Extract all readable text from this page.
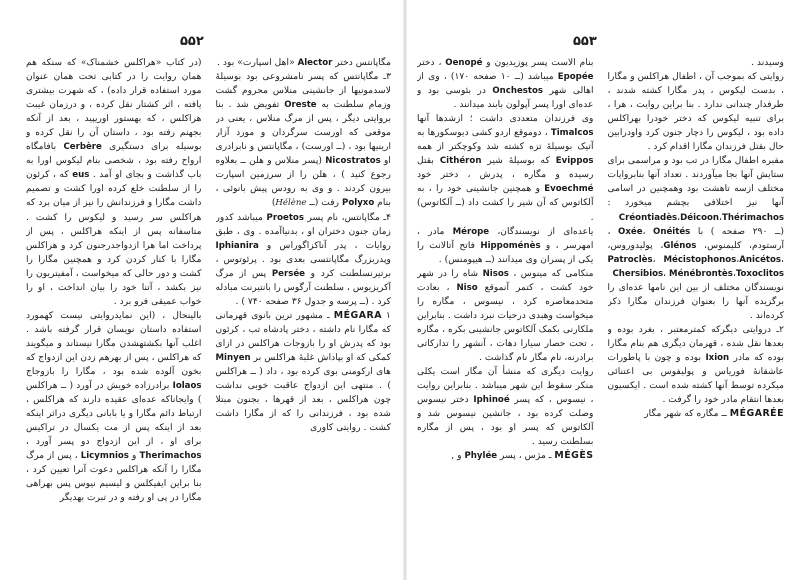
۵۵۲

مگاپانتس دختر Alector «اهل اسپارت» بود .
۳ـ مگاپانتس که پسر نامشروعی بود بوسیلهٔ لاسدمونیها از جانشینی منلاس محروم گشت وزمام سلطنت به Oreste تفویض شد . بنا بروایتی دیگر ، پس از مرگ منلاس ، یعنی در موقعی که اورست سرگردان و مورد آزار ارینیها بود ، (ــ اورست) ، مگاپانتس و نابرادری او Nicostratos (پسر منلاس و هلن ــ بعلاوه رجوع کنید ) ، هلن را از سرزمین اسپارت بیرون کردند . و وی به رودس پیش بانوئی ، بنام Polyxo رفت (ــ Hélène)
۴ـ مگاپانتس، نام پسر Proetos میباشد کدور زمان جنون دختران او ، بدنیاآمده . وی ، طبق روایات ، پدر آناکزاگوراس و Iphianira وپدربزرگ مگاپانتسی بعدی بود . پرئوتوس ، برتیرنسلطنت کرد و Persée پس از مرگ آکریزیوس ، سلطنت آرگوس را بانتیرنت مبادله کرد . (ــ پرسه و جدول ۳۶ صفحه ۷۴۰ ) .
MÉGARA ۱ ـ مشهور ترین بانوی قهرمانی که مگارا نام داشته ، دختر پادشاه تب ، کرئون بود که پدرش او را بازوجات هراکلس در ازای کمکی که او بپاداش غلبهٔ هراکلس بر Minyen های ارکومنی بوی کرده بود ، داد ( ــ هراکلس ) . منتهی این ازدواج عاقبت خوبی نداشت چون هراکلس ، بعد از قهرها ، بجنون مبتلا شده بود ، فرزندانی را که از مگارا داشت کشت . روایتی کاوری

(در کتاب «هراکلس خشمناک» که سنکه هم همان روایت را در کتابی تحت همان عنوان مورد استفاده قرار داده) ، که شهرت بیشتری یافته ، اثر کشتار نقل کرده ، و درزمان غیبت هراکلس ، که بهستور اوریپید ، بعد از آنکه بجهنم رفته بود ، داستان آن را نقل کرده و بوسیله برای دستگیری Cerbère بافامگاه ارواح رفته بود ، شخصی بنام لیکوس اورا به باب گذاشت و بجای او آمد . eus که ، کرئون را از سلطنت خلع کرده اورا کشت و تصمیم داشت مگارا و فرزندانش را نیز از میان برد که هراکلس سر رسید و لیکوس را کشت . متاسفانه پس از اینکه هراکلس ، پس از پرداخت اما هرا ازدواجدرجنون کرد و هراکلس مگارا با کنار کردن کرد و همچنین مگارا را کشت و دور حالی که میخواست ، آمفیتریون را نیز بکشد ، آتنا خود را بیان انداخت ، او را خواب عمیقی فرو برد .
بالینحال ، (این نمایدروایتی نیست کهمورد استفاده داستان نویسان قرار گرفته باشد . اغلب آنها بکشتهشدن مگارا نیستاند و میگویند که هراکلس ، پس از بهرهم زدن این ازدواج که بخون آلوده شده بود ، مگارا را بازوجاج Iolaos برادرزاده خویش در آورد ( ــ هراکلس ) وایجاناکه عده‌ای عقیده دارند که هراکلس ، ارتباط دائم مگارا و یا بابانی دیگری دراثر اینکه بعد از اینکه پس از مت یکسال در تراکیس برای او ، از این ازدواج دو پسر آورد ، Therimachos و Licymnios ، پس از مرگ مگارا را آنکه هراکلس دعوت آنرا تعیین کرد ، بنا براین ایفیکلس و لیسیم نیوس پس بهراهی مگارا در پی او رفته و در تبرت بهدیگر

۵۵۳

وسیدند .
روایتی که بموجب آن ، اطفال هراکلس و مگارا ، بدست لیکوس ، پدر مگارا کشته شدند ، طرفدار چندانی ندارد . بنا براین روایت ، هرا ، برای تنبیه لیکوس که دختر خودرا بهراکلس داده بود ، لیکوس را دچار جنون کرد واودرابین حال بقتل فرزندان مگارا اقدام کرد .
مقبره اطفال مگارا در تب بود و مراسمی برای ستایش آنها بجا میآوردند . تعداد آنها بنابروایات مختلف ازسه تاهشت بود وهمچنین در اسامی آنها نیز اختلافی بچشم میخورد : Créontiadès،Déicoon،Thérimachos (ــ ۲۹۰ صفحه ) با Oxée، Onéités ، آرستودم، کلیمنوس، Glénos، پولیدوروس، Patroclès، Mécistophonos،Anicétos، Chersibios، Ménébrontès،Toxoclitos
نویسندگان مختلف از بین این نامها عده‌ای را برگزیده آنها را بعنوان فرزندان مگارا ذکر کرده‌اند .
۲ـ دروایتی دیگرکه کمترمعتبر ، بغرد بوده و بعدها نقل شده ، قهرمان دیگری هم بنام مگارا بوده که مادر Ixion بوده و چون با پاطورات عاشقانهٔ فوریاس و پولیفوس بی اعتنائی میکرده توسط آنها کشته شده است . ایکسیون بعدها انتقام مادر خود را گرفت .
MÉGARÉE ــ مگاره که شهر مگار

بنام الاست پسر پوزیدیون و Oenopé ، دختر Epopée میباشد (ــ ۱۰ صفحه ۱۷۰) ، وی از اهالی شهر Onchestos در بئوسی بود و عده‌ای اورا پسر آپولون بابند میدانند .
وی فرزندان متعددی داشت ؛ ازشدها آنها Timalcos ، دوموقع اردو کشی دیوسکورها به آتیک بوسیلهٔ تزه کشته شد وکوچکتر از همه Evippos که بوسیلهٔ شیر Cithéron بقتل رسیده و مگاره ، پدرش ، دختر خود Evoechmé و همچنین جانشینی خود را ، به آلکاتوس که آن شیر را کشت داد (ــ آلکاتوس) .
یاعده‌ای از نویسندگان، Mérope مادر ، امهرسر ، و Hippoménès فاتح آتالانت را یکی از پسران وی میدانند (ــ هیپومنس) .
منکامی که مینوس ، Nisos شاه را در شهر خود کشت ، کتمر آنموقع Niso ، بعادت متحدمعاصره کرد ، نیسوس ، مگاره را میخواست وهبدی درحیات نبرد داشت . بنابراین ملکارنی بکمک آلکاتوس جانشینی بکره ، مگاره ، تحت حصار سیارا دهات ، آنشهر را تدارکاتی برادرنه، نام مگار نام گذاشت .
روایت دیگری که منشأ آن مگار است یکلی منکر سقوط این شهر میباشد . بنابراین روایت ، نیسوس ، که پسر Iphinoé دختر نیسوس وصلت کرده بود ، جانشین نیسوس شد و آلکاتوس که پسر او بود ، پس از مگاره بسلطنت رسید .
MÉGÈS ـ مژس ، پسر Phylée و ,
